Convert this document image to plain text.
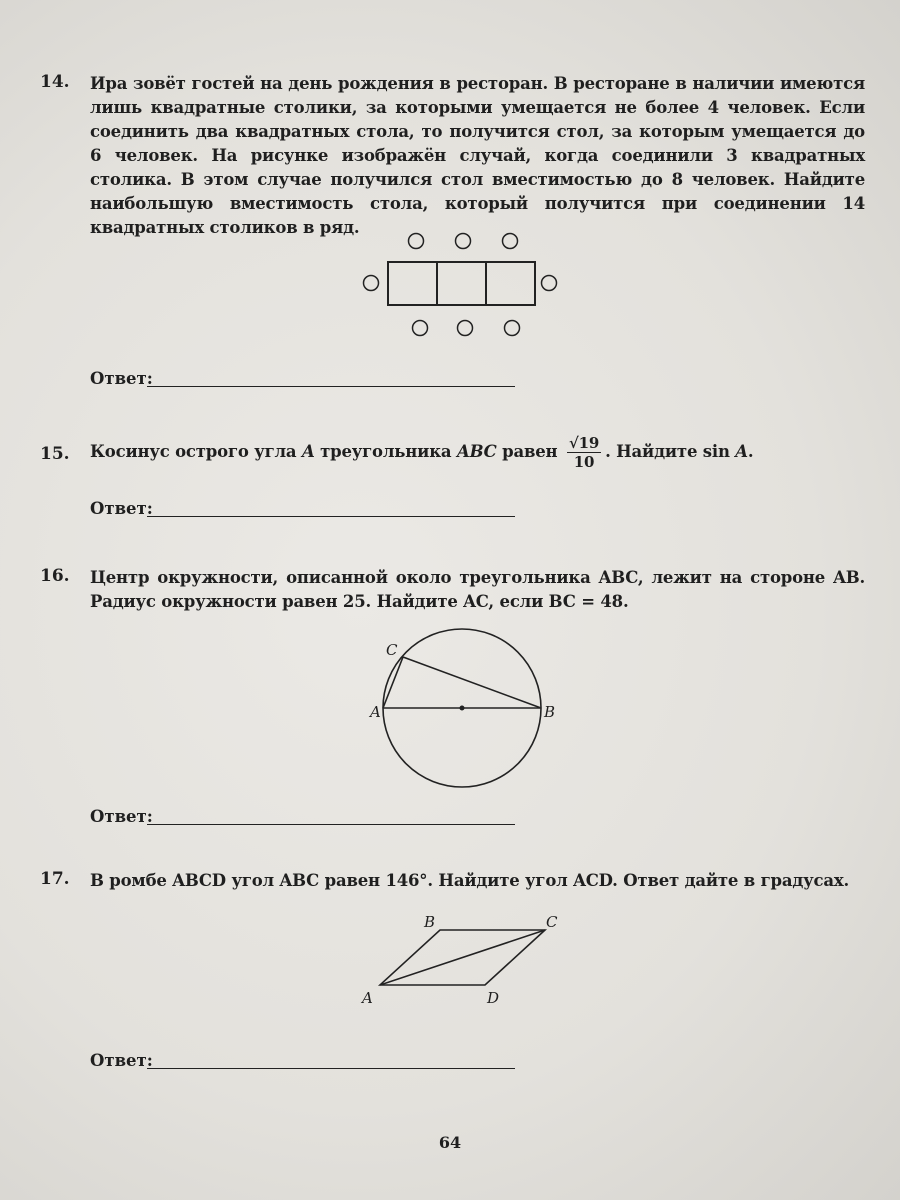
14. Ира зовёт гостей на день рождения в ресторан. В ресторане в наличии имеются лишь квадратные столики, за которыми умещается не более 4 человек. Если соединить два квадратных стола, то получится стол, за которым умещается до 6 человек. На рисунке изображён случай, когда соединили 3 квадратных столика. В этом случае получился стол вместимостью до 8 человек. Найдите наибольшую вместимость стола, который получится при соединении 14 квадратных столиков в ряд.
Ответ:
15. Косинус острого угла A треугольника ABC равен $\frac{√19}{10}$ . Найдите sin A.
Ответ:
16. Центр окружности, описанной около треугольника ABC, лежит на стороне AB. Радиус окружности равен 25. Найдите AC, если BC = 48.
A	B
C
Ответ:
17. В ромбе ABCD угол ABC равен 146°. Найдите угол ACD. Ответ дайте в градусах.
A
B	C
D
Ответ:
64
